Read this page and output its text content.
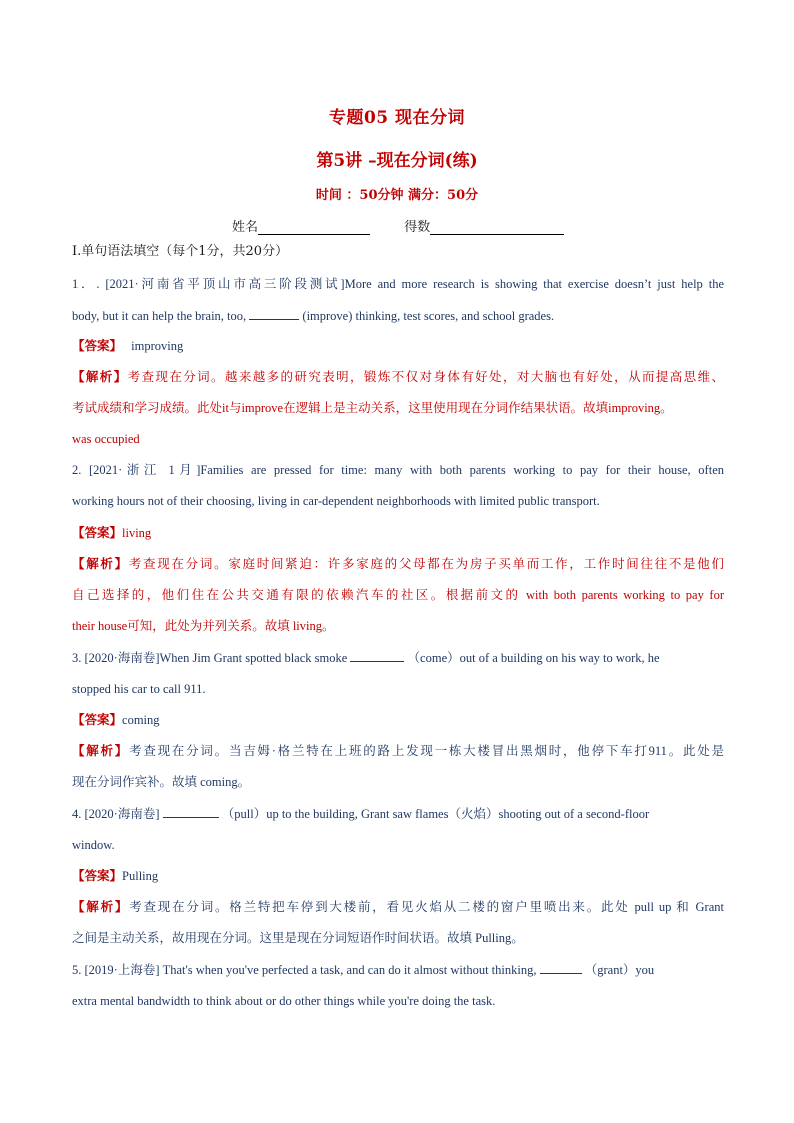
专题05 现在分词
第5讲 –现在分词(练)
时间 ：50分钟 满分：50分
姓名	得数
Ⅰ.单句语法填空（每个1分，共20分）
1．. [2021·河南省平顶山市高三阶段测试]More and more research is showing that exercise doesn’t just help the
body, but it can help the brain, too,	(improve) thinking, test scores, and school grades.
【答案】 improving
【解析】考查现在分词。越来越多的研究表明，锻炼不仅对身体有好处，对大脑也有好处，从而提高思维、
考试成绩和学习成绩。此处it与improve在逻辑上是主动关系，这里使用现在分词作结果状语。故填improving。
was occupied
2. [2021·浙江 1月]Families are pressed for time: many with both parents working to pay for their house, often
working hours not of their choosing, living in car-dependent neighborhoods with limited public transport.
【答案】living
【解析】考查现在分词。家庭时间紧迫：许多家庭的父母都在为房子买单而工作，工作时间往往不是他们
自己选择的，他们住在公共交通有限的依赖汽车的社区。根据前文的 with both parents working to pay for
their house可知，此处为并列关系。故填 living。
3. [2020·海南卷]When Jim Grant spotted black smoke	（come）out of a building on his way to work, he
stopped his car to call 911.
【答案】coming
【解析】考查现在分词。当吉姆·格兰特在上班的路上发现一栋大楼冒出黑烟时，他停下车打911。此处是
现在分词作宾补。故填 coming。
4. [2020·海南卷]	（pull）up to the building, Grant saw flames（火焰）shooting out of a second-floor
window.
【答案】Pulling
【解析】考查现在分词。格兰特把车停到大楼前，看见火焰从二楼的窗户里喷出来。此处 pull up 和 Grant
之间是主动关系，故用现在分词。这里是现在分词短语作时间状语。故填 Pulling。
5. [2019·上海卷] That's when you've perfected a task, and can do it almost without thinking,	（grant）you
extra mental bandwidth to think about or do other things while you're doing the task.
